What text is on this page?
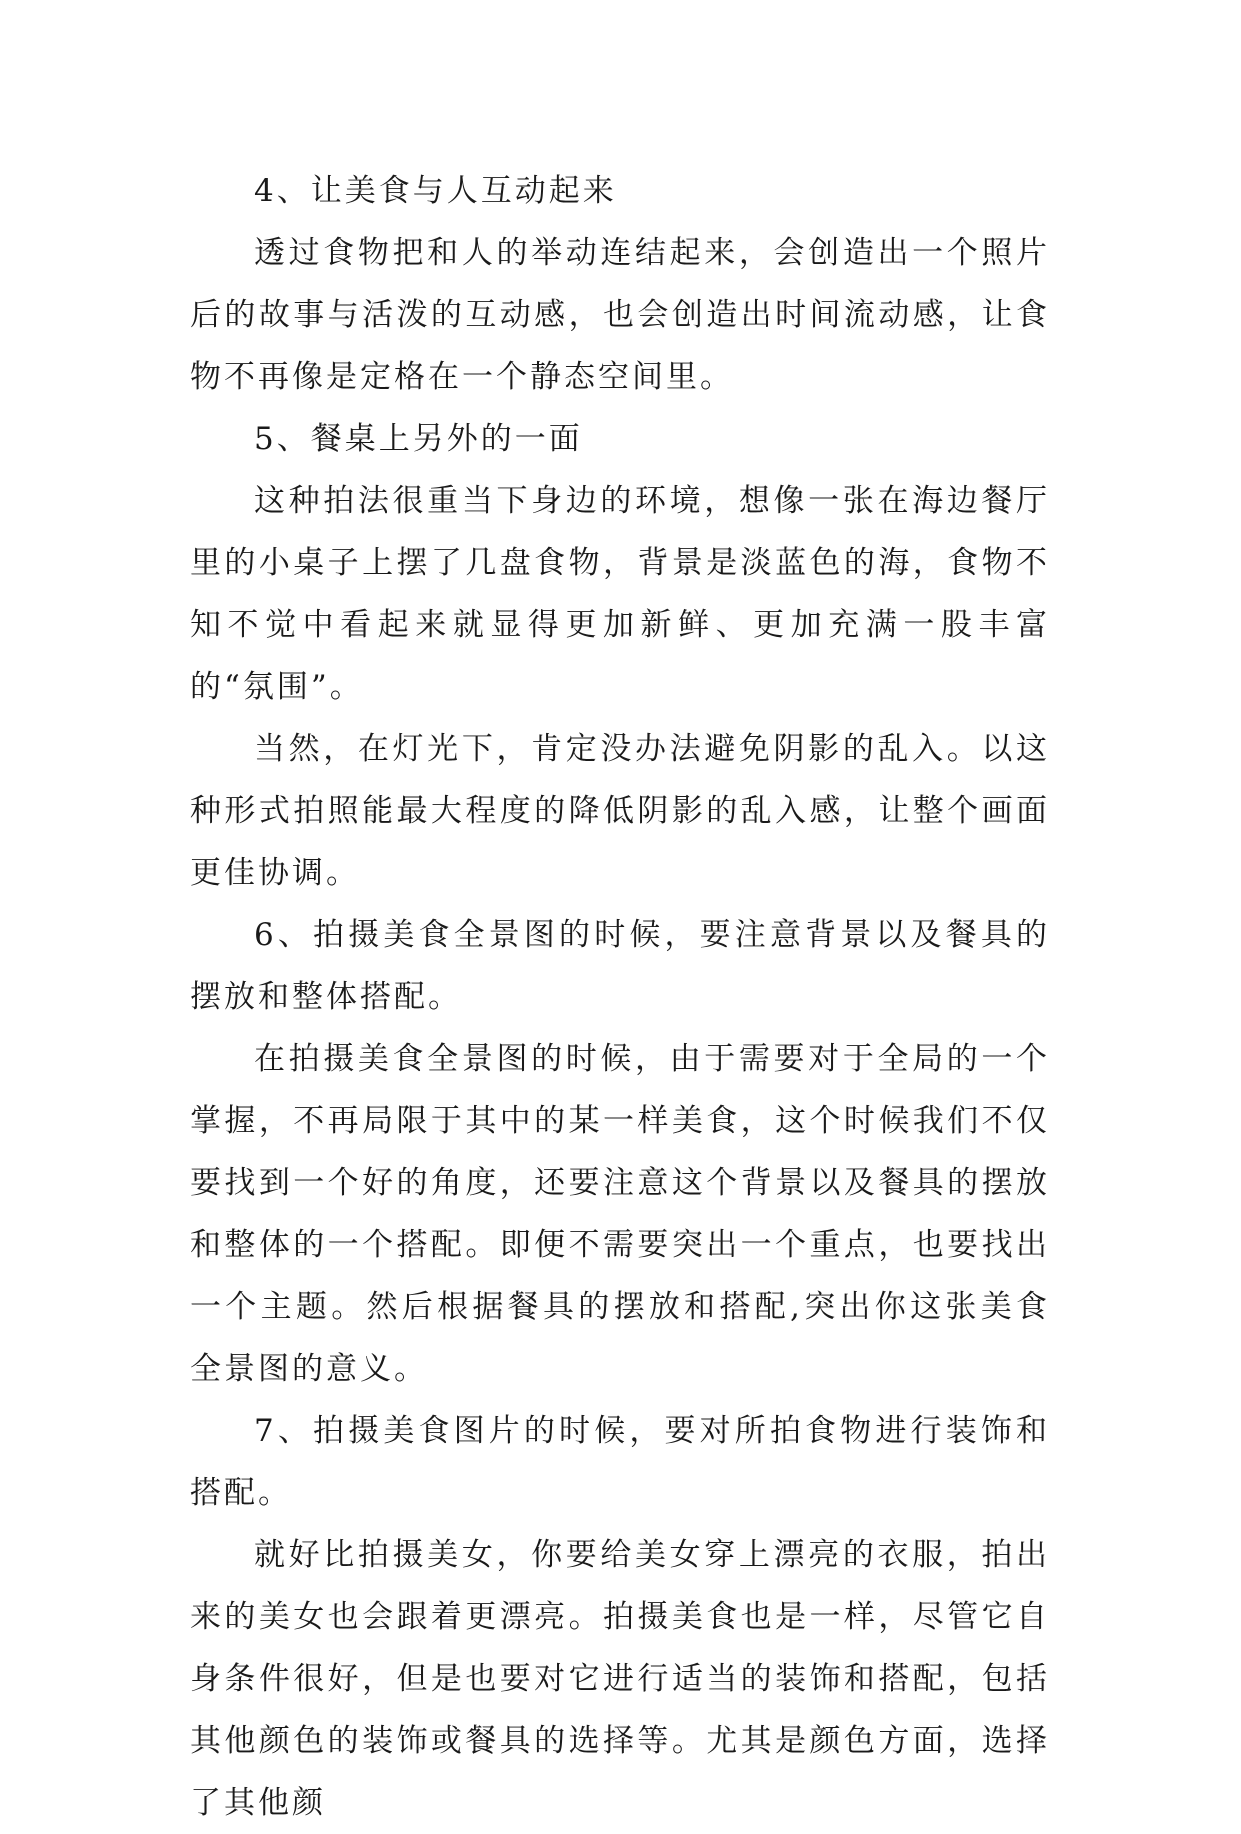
4、让美食与人互动起来

透过食物把和人的举动连结起来，会创造出一个照片后的故事与活泼的互动感，也会创造出时间流动感，让食物不再像是定格在一个静态空间里。

5、餐桌上另外的一面

这种拍法很重当下身边的环境，想像一张在海边餐厅里的小桌子上摆了几盘食物，背景是淡蓝色的海，食物不知不觉中看起来就显得更加新鲜、更加充满一股丰富的“氛围”。

当然，在灯光下，肯定没办法避免阴影的乱入。以这种形式拍照能最大程度的降低阴影的乱入感，让整个画面更佳协调。

6、拍摄美食全景图的时候，要注意背景以及餐具的摆放和整体搭配。

在拍摄美食全景图的时候，由于需要对于全局的一个掌握，不再局限于其中的某一样美食，这个时候我们不仅要找到一个好的角度，还要注意这个背景以及餐具的摆放和整体的一个搭配。即便不需要突出一个重点，也要找出一个主题。然后根据餐具的摆放和搭配,突出你这张美食全景图的意义。

7、拍摄美食图片的时候，要对所拍食物进行装饰和搭配。

就好比拍摄美女，你要给美女穿上漂亮的衣服，拍出来的美女也会跟着更漂亮。拍摄美食也是一样，尽管它自身条件很好，但是也要对它进行适当的装饰和搭配，包括其他颜色的装饰或餐具的选择等。尤其是颜色方面，选择了其他颜
